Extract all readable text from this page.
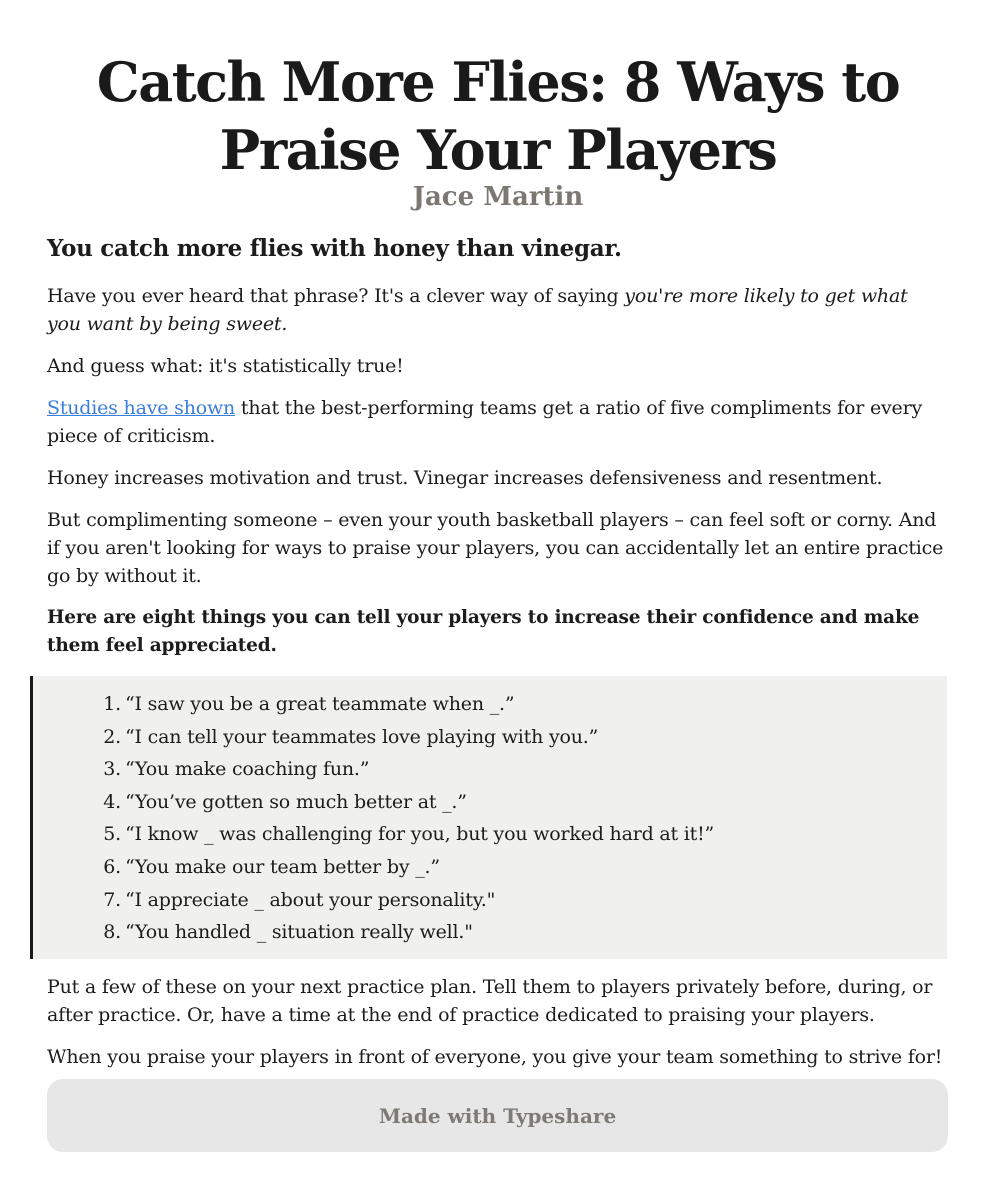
Catch More Flies: 8 Ways to Praise Your Players
Jace Martin
You catch more flies with honey than vinegar.

Have you ever heard that phrase? It's a clever way of saying you're more likely to get what you want by being sweet.

And guess what: it's statistically true!

Studies have shown that the best-performing teams get a ratio of five compliments for every piece of criticism.

Honey increases motivation and trust. Vinegar increases defensiveness and resentment.

But complimenting someone – even your youth basketball players – can feel soft or corny. And if you aren't looking for ways to praise your players, you can accidentally let an entire practice go by without it.

Here are eight things you can tell your players to increase their confidence and make them feel appreciated.

1. “I saw you be a great teammate when _.”
2. “I can tell your teammates love playing with you.”
3. “You make coaching fun.”
4. “You’ve gotten so much better at _.”
5. “I know _ was challenging for you, but you worked hard at it!”
6. “You make our team better by _.”
7. “I appreciate _ about your personality."
8. “You handled _ situation really well."

Put a few of these on your next practice plan. Tell them to players privately before, during, or after practice. Or, have a time at the end of practice dedicated to praising your players.

When you praise your players in front of everyone, you give your team something to strive for!

Made with Typeshare
